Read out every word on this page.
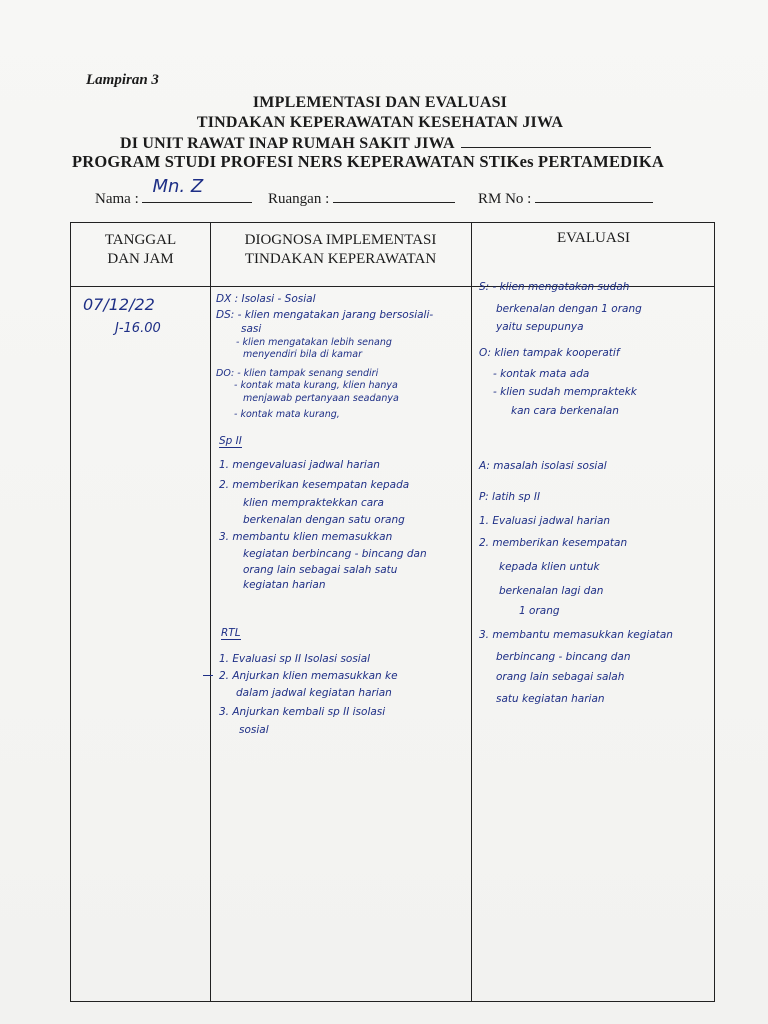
Lampiran 3
IMPLEMENTASI DAN EVALUASI
TINDAKAN KEPERAWATAN KESEHATAN JIWA
DI UNIT RAWAT INAP RUMAH SAKIT JIWA
PROGRAM STUDI PROFESI NERS KEPERAWATAN STIKes PERTAMEDIKA
Nama :
Mn. Z
Ruangan :	RM No :
TANGGAL DAN JAM
DIOGNOSA IMPLEMENTASI TINDAKAN KEPERAWATAN
EVALUASI
07/12/22
J-16.00
DX : Isolasi - Sosial
DS: - klien mengatakan jarang bersosiali-
sasi
- klien mengatakan lebih senang
menyendiri bila di kamar
DO: - klien tampak senang sendiri
- kontak mata kurang, klien hanya
menjawab pertanyaan seadanya
- kontak mata kurang,
Sp II
1. mengevaluasi jadwal harian
2. memberikan kesempatan kepada
klien mempraktekkan cara
berkenalan dengan satu orang
3. membantu klien memasukkan
kegiatan berbincang - bincang dan
orang lain sebagai salah satu
kegiatan harian
RTL
1. Evaluasi sp II Isolasi sosial
2. Anjurkan klien memasukkan ke
dalam jadwal kegiatan harian
3. Anjurkan kembali sp II isolasi
sosial
S: - klien mengatakan sudah
berkenalan dengan 1 orang
yaitu sepupunya
O: klien tampak kooperatif
- kontak mata ada
- klien sudah mempraktekk
kan cara berkenalan
A: masalah isolasi sosial
P: latih sp II
1. Evaluasi jadwal harian
2. memberikan kesempatan
kepada klien untuk
berkenalan lagi dan
1 orang
3. membantu memasukkan kegiatan
berbincang - bincang dan
orang lain sebagai salah
satu kegiatan harian
